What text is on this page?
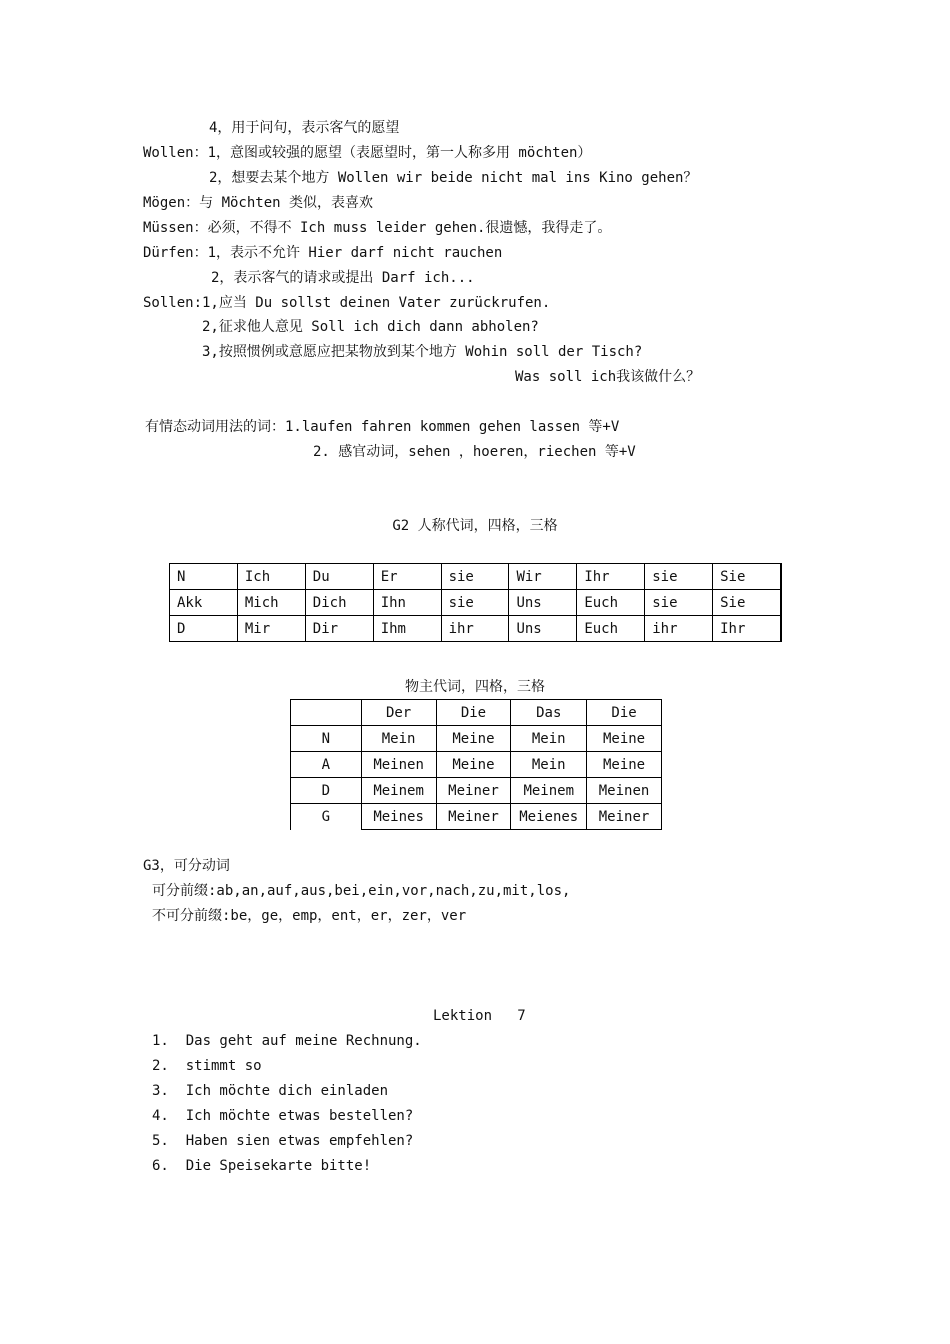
4，用于问句，表示客气的愿望
Wollen：1，意图或较强的愿望（表愿望时，第一人称多用 möchten）
2，想要去某个地方 Wollen wir beide nicht mal ins Kino gehen？
Mögen：与 Möchten 类似，表喜欢
Müssen：必须，不得不 Ich muss leider gehen.很遗憾，我得走了。
Dürfen：1，表示不允许 Hier darf nicht rauchen
2，表示客气的请求或提出 Darf ich...
Sollen:1,应当 Du sollst deinen Vater zurückrufen.
2,征求他人意见 Soll ich dich dann abholen?
3,按照惯例或意愿应把某物放到某个地方 Wohin soll der Tisch?
Was soll ich我该做什么？
有情态动词用法的词：1.laufen fahren kommen gehen lassen 等+V
2. 感官动词，sehen ，hoeren，riechen 等+V
G2 人称代词，四格，三格
N	Ich	Du	Er	sie	Wir	Ihr	sie	Sie
Akk	Mich	Dich	Ihn	sie	Uns	Euch	sie	Sie
D	Mir	Dir	Ihm	ihr	Uns	Euch	ihr	Ihr
物主代词，四格，三格
	Der	Die	Das	Die
N	Mein	Meine	Mein	Meine
A	Meinen	Meine	Mein	Meine
D	Meinem	Meiner	Meinem	Meinen
G	Meines	Meiner	Meienes	Meiner
G3，可分动词
可分前缀:ab,an,auf,aus,bei,ein,vor,nach,zu,mit,los,
不可分前缀:be，ge，emp，ent，er，zer，ver
Lektion   7
1.  Das geht auf meine Rechnung.
2.  stimmt so
3.  Ich möchte dich einladen
4.  Ich möchte etwas bestellen?
5.  Haben sien etwas empfehlen?
6.  Die Speisekarte bitte!
